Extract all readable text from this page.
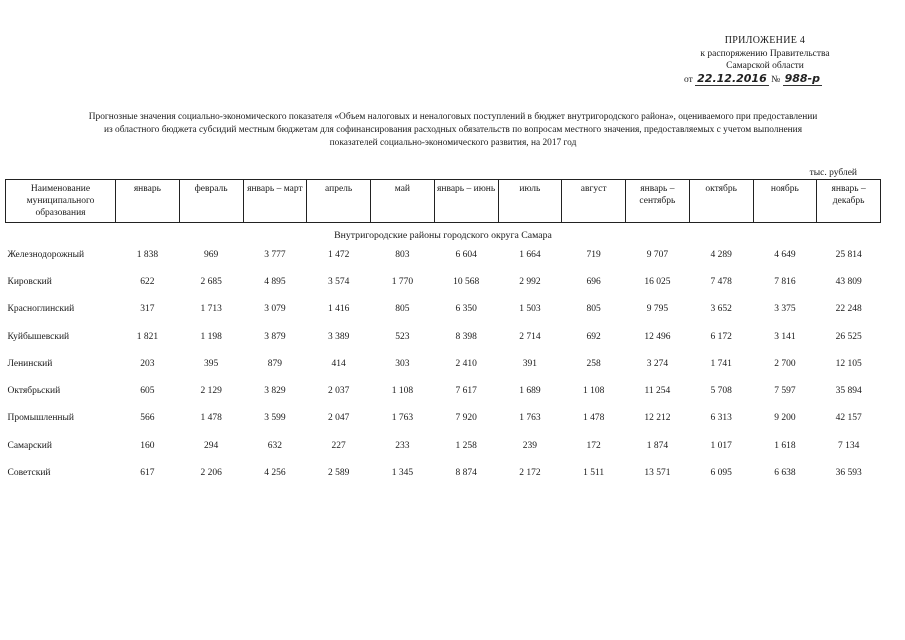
ПРИЛОЖЕНИЕ 4
к распоряжению Правительства
Самарской области
от 22.12.2016 № 988-р
Прогнозные значения социально-экономического показателя «Объем налоговых и неналоговых поступлений в бюджет внутригородского района», оцениваемого при предоставлении
из областного бюджета субсидий местным бюджетам для софинансирования расходных обязательств по вопросам местного значения, предоставляемых с учетом выполнения
показателей социально-экономического развития, на 2017 год
тыс. рублей
Наименование муниципального образования	январь	февраль	январь – март	апрель	май	январь – июнь	июль	август	январь – сентябрь	октябрь	ноябрь	январь – декабрь
Внутригородские районы городского округа Самара												
Железнодорожный	1 838	969	3 777	1 472	803	6 604	1 664	719	9 707	4 289	4 649	25 814
Кировский	622	2 685	4 895	3 574	1 770	10 568	2 992	696	16 025	7 478	7 816	43 809
Красноглинский	317	1 713	3 079	1 416	805	6 350	1 503	805	9 795	3 652	3 375	22 248
Куйбышевский	1 821	1 198	3 879	3 389	523	8 398	2 714	692	12 496	6 172	3 141	26 525
Ленинский	203	395	879	414	303	2 410	391	258	3 274	1 741	2 700	12 105
Октябрьский	605	2 129	3 829	2 037	1 108	7 617	1 689	1 108	11 254	5 708	7 597	35 894
Промышленный	566	1 478	3 599	2 047	1 763	7 920	1 763	1 478	12 212	6 313	9 200	42 157
Самарский	160	294	632	227	233	1 258	239	172	1 874	1 017	1 618	7 134
Советский	617	2 206	4 256	2 589	1 345	8 874	2 172	1 511	13 571	6 095	6 638	36 593
